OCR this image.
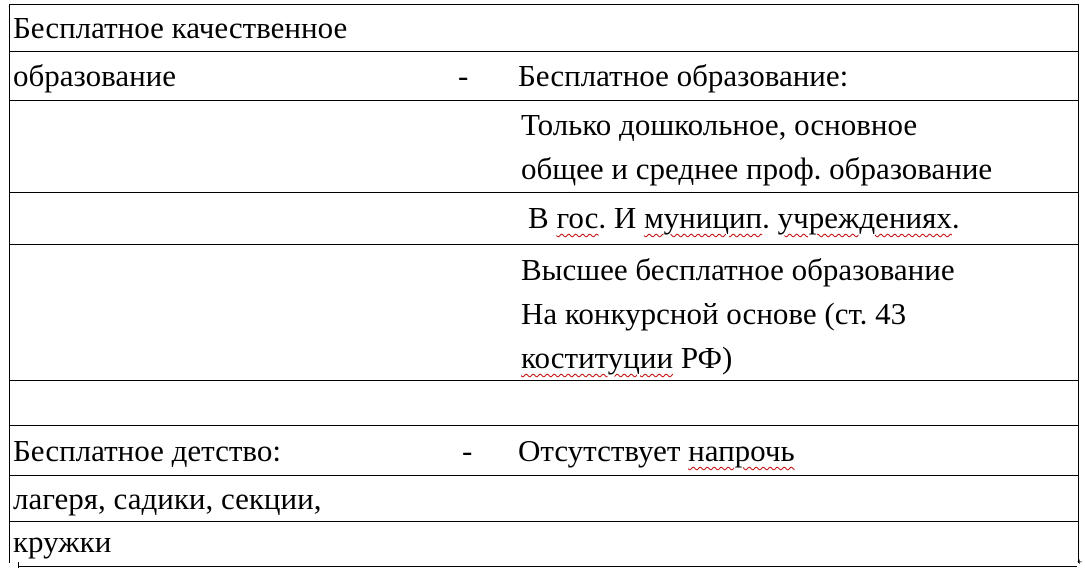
.
Бесплатное качественное
образование	- Бесплатное образование:
Только дошкольное, основное
общее и среднее проф. образование
В гос. И муницип. учреждениях.
Высшее бесплатное образование
На конкурсной основе (ст. 43
коституции РФ)
Бесплатное детство:	- Отсутствует напрочь
лагеря, садики, секции,
кружки
+
